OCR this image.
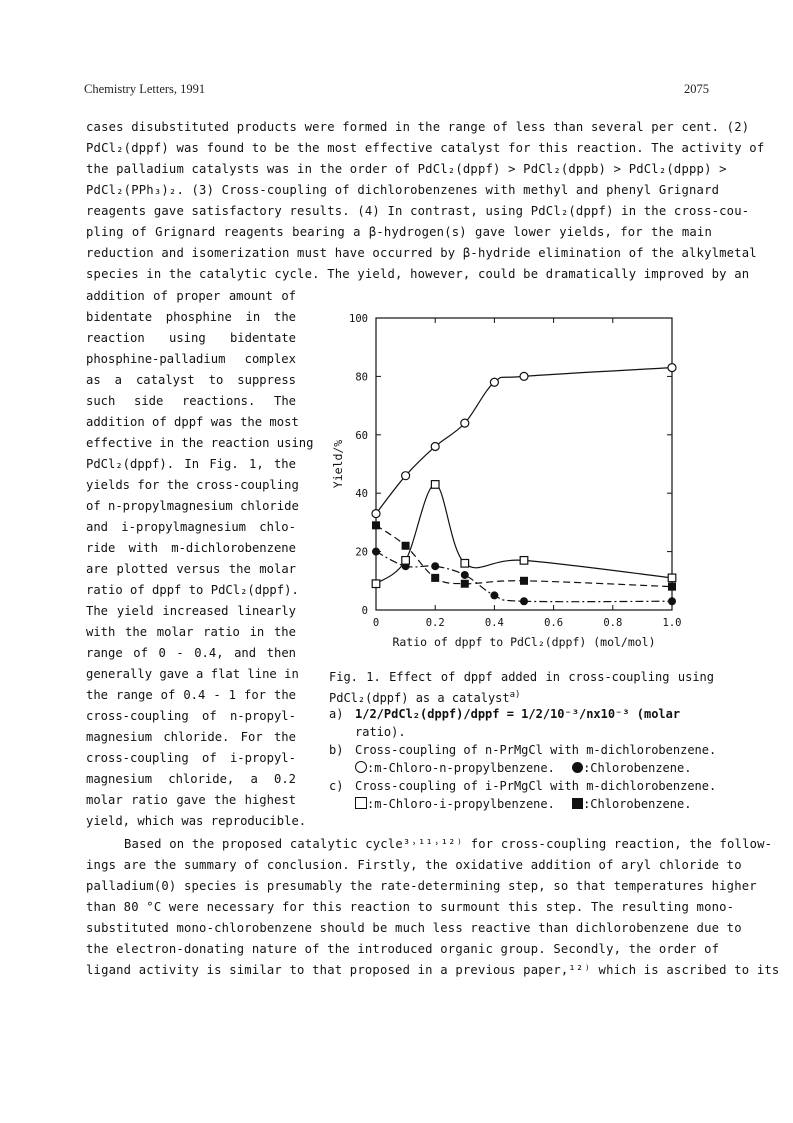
Chemistry Letters, 1991	2075
cases disubstituted products were formed in the range of less than several per cent. (2)
PdCl₂(dppf) was found to be the most effective catalyst for this reaction. The activity of
the palladium catalysts was in the order of PdCl₂(dppf) > PdCl₂(dppb) > PdCl₂(dppp) >
PdCl₂(PPh₃)₂. (3) Cross-coupling of dichlorobenzenes with methyl and phenyl Grignard
reagents gave satisfactory results. (4) In contrast, using PdCl₂(dppf) in the cross-cou-
pling of Grignard reagents bearing a β-hydrogen(s) gave lower yields, for the main
reduction and isomerization must have occurred by β-hydride elimination of the alkylmetal
species in the catalytic cycle. The yield, however, could be dramatically improved by an
addition of proper amount of
bidentate phosphine in the
reaction using bidentate
phosphine-palladium complex
as a catalyst to suppress
such side reactions. The
addition of dppf was the most
effective in the reaction using
PdCl₂(dppf). In Fig. 1, the
yields for the cross-coupling
of n-propylmagnesium chloride
and i-propylmagnesium chlo-
ride with m-dichlorobenzene
are plotted versus the molar
ratio of dppf to PdCl₂(dppf).
The yield increased linearly
with the molar ratio in the
range of 0 - 0.4, and then
generally gave a flat line in
the range of 0.4 - 1 for the
cross-coupling of n-propyl-
magnesium chloride. For the
cross-coupling of i-propyl-
magnesium chloride, a 0.2
molar ratio gave the highest
yield, which was reproducible.
0	0.2	0.4	0.6	0.8	1.0
0
20
40
60
80
100
Ratio of dppf to PdCl₂(dppf) (mol/mol)
Yield/%
Fig. 1. Effect of dppf added in cross-coupling using
PdCl₂(dppf) as a catalyst$^{a)}$
a) 1/2/PdCl₂(dppf)/dppf = 1/2/10⁻³/nx10⁻³ (molar
ratio).
b) Cross-coupling of n-PrMgCl with m-dichlorobenzene.
:m-Chloro-n-propylbenzene. :Chlorobenzene.
c) Cross-coupling of i-PrMgCl with m-dichlorobenzene.
:m-Chloro-i-propylbenzene. :Chlorobenzene.
Based on the proposed catalytic cycle³˒¹¹˒¹²⁾ for cross-coupling reaction, the follow-
ings are the summary of conclusion. Firstly, the oxidative addition of aryl chloride to
palladium(0) species is presumably the rate-determining step, so that temperatures higher
than 80 °C were necessary for this reaction to surmount this step. The resulting mono-
substituted mono-chlorobenzene should be much less reactive than dichlorobenzene due to
the electron-donating nature of the introduced organic group. Secondly, the order of
ligand activity is similar to that proposed in a previous paper,¹²⁾ which is ascribed to its
